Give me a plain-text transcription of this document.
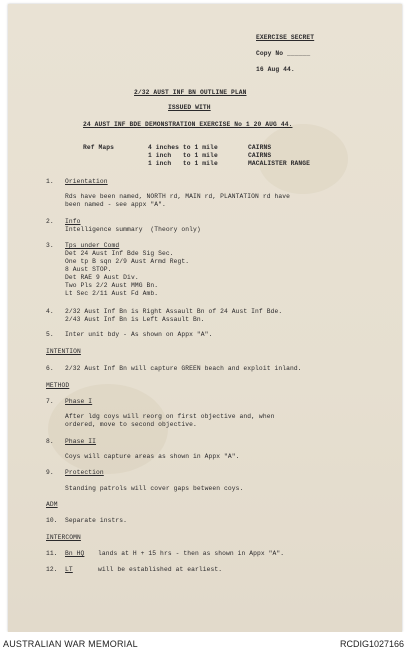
EXERCISE SECRET
Copy No ______
16 Aug 44.
2/32 AUST INF BN OUTLINE PLAN
ISSUED WITH
24 AUST INF BDE DEMONSTRATION EXERCISE No 1 20 AUG 44.
Ref Maps	4 inches to 1 mile	CAIRNS
1 inch   to 1 mile	CAIRNS
1 inch   to 1 mile	MACALISTER RANGE
1. Orientation
Rds have been named, NORTH rd, MAIN rd, PLANTATION rd have
been named - see appx "A".
2. Info
Intelligence summary  (Theory only)
3. Tps under Comd
Det 24 Aust Inf Bde Sig Sec.
One tp B sqn 2/9 Aust Armd Regt.
8 Aust STOP.
Det RAE 9 Aust Div.
Two Pls 2/2 Aust MMG Bn.
Lt Sec 2/11 Aust Fd Amb.
4. 2/32 Aust Inf Bn is Right Assault Bn of 24 Aust Inf Bde.
2/43 Aust Inf Bn is Left Assault Bn.
5. Inter unit bdy - As shown on Appx "A".
INTENTION
6. 2/32 Aust Inf Bn will capture GREEN beach and exploit inland.
METHOD
7. Phase I
After ldg coys will reorg on first objective and, when
ordered, move to second objective.
8. Phase II
Coys will capture areas as shown in Appx "A".
9. Protection
Standing patrols will cover gaps between coys.
ADM
10. Separate instrs.
INTERCOMN
11. Bn HQ lands at H + 15 hrs - then as shown in Appx "A".
12. LT	will be established at earliest.
AUSTRALIAN WAR MEMORIAL	RCDIG1027166
